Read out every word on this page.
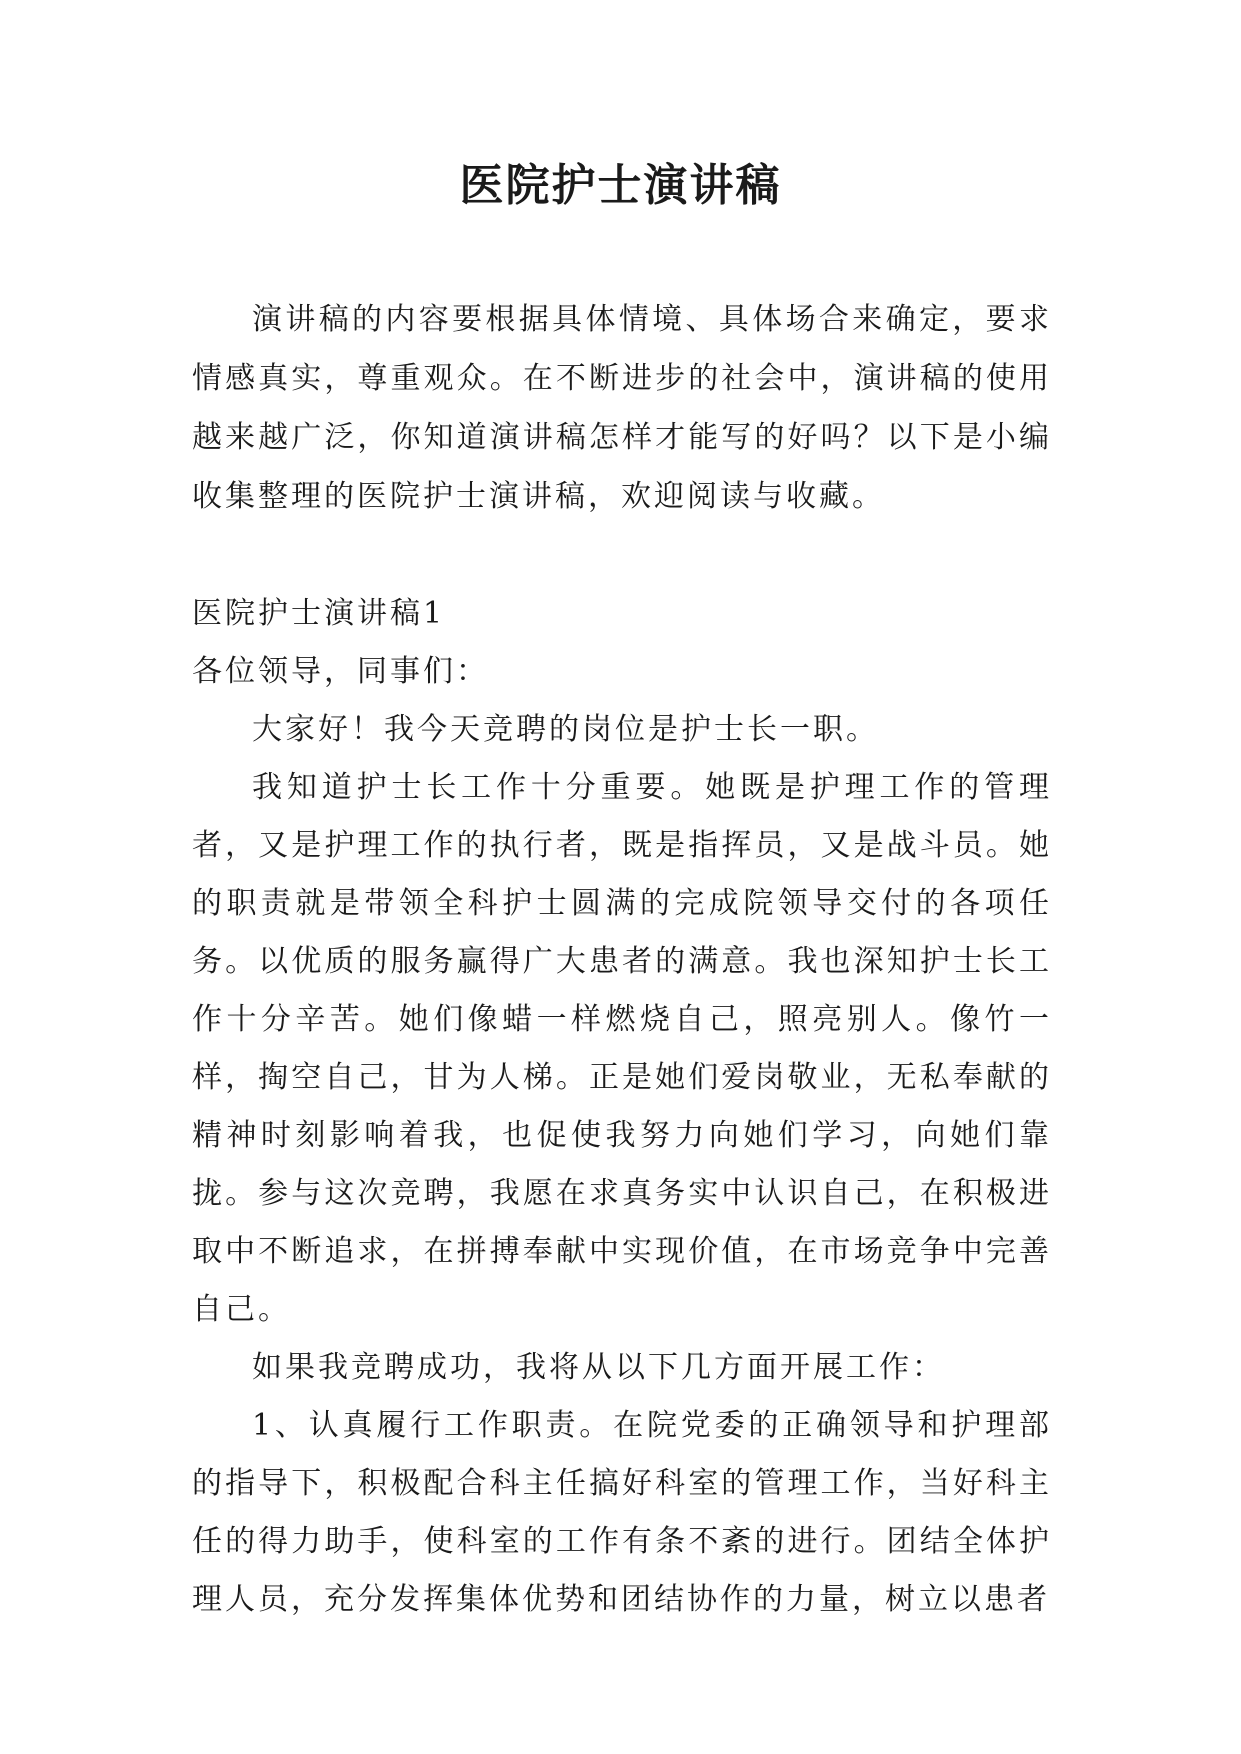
医院护士演讲稿

演讲稿的内容要根据具体情境、具体场合来确定，要求情感真实，尊重观众。在不断进步的社会中，演讲稿的使用越来越广泛，你知道演讲稿怎样才能写的好吗？以下是小编收集整理的医院护士演讲稿，欢迎阅读与收藏。

医院护士演讲稿1

各位领导，同事们：

大家好！我今天竞聘的岗位是护士长一职。

我知道护士长工作十分重要。她既是护理工作的管理者，又是护理工作的执行者，既是指挥员，又是战斗员。她的职责就是带领全科护士圆满的完成院领导交付的各项任务。以优质的服务赢得广大患者的满意。我也深知护士长工作十分辛苦。她们像蜡一样燃烧自己，照亮别人。像竹一样，掏空自己，甘为人梯。正是她们爱岗敬业，无私奉献的精神时刻影响着我，也促使我努力向她们学习，向她们靠拢。参与这次竞聘，我愿在求真务实中认识自己，在积极进取中不断追求，在拼搏奉献中实现价值，在市场竞争中完善自己。

如果我竞聘成功，我将从以下几方面开展工作：

1、认真履行工作职责。在院党委的正确领导和护理部的指导下，积极配合科主任搞好科室的管理工作，当好科主任的得力助手，使科室的工作有条不紊的进行。团结全体护理人员，充分发挥集体优势和团结协作的力量，树立以患者
